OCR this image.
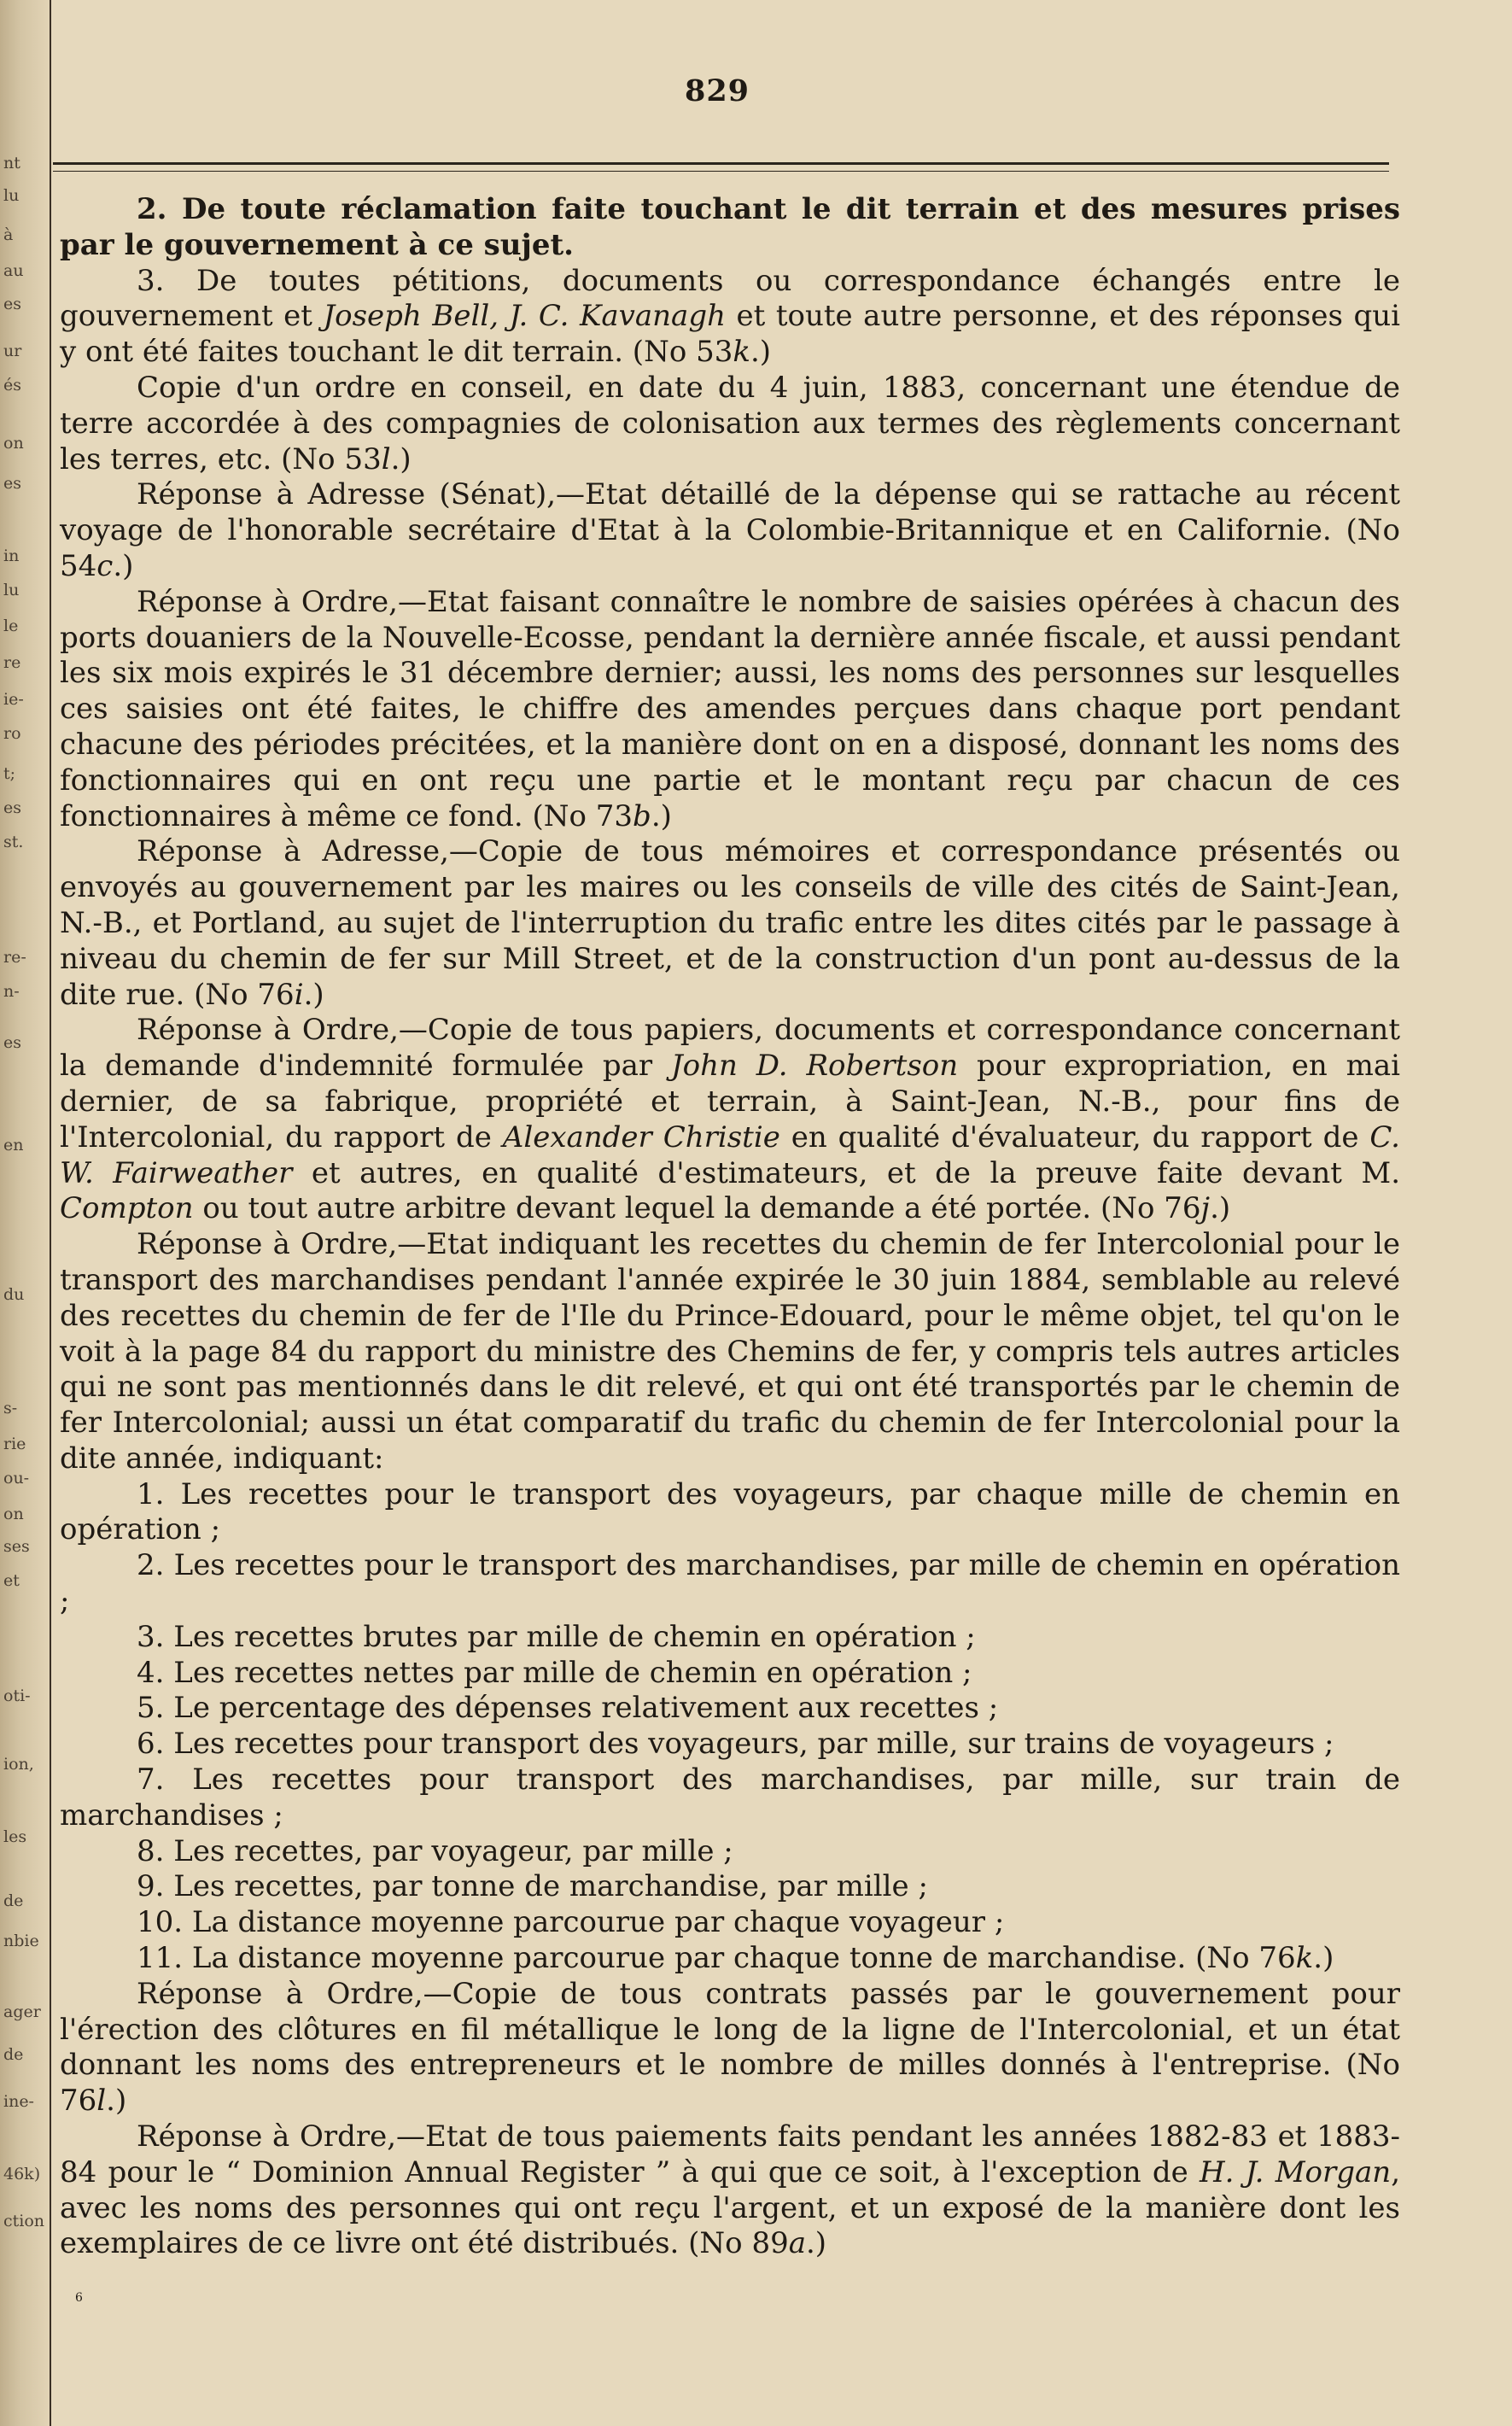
nt
lu
à
au
es
ur
és
on
es
in
lu
le
re
ie-
ro
t;
es
st.
re-
n-
es
en
du
s-
rie
ou-
on
ses
et
oti-
ion,
les
de
nbie
ager
de
ine-
46k)
ction
829

2. De toute réclamation faite touchant le dit terrain et des mesures prises par le gouvernement à ce sujet.

3. De toutes pétitions, documents ou correspondance échangés entre le gouvernement et Joseph Bell, J. C. Kavanagh et toute autre personne, et des réponses qui y ont été faites touchant le dit terrain. (No 53k.)

Copie d'un ordre en conseil, en date du 4 juin, 1883, concernant une étendue de terre accordée à des compagnies de colonisation aux termes des règlements concernant les terres, etc. (No 53l.)

Réponse à Adresse (Sénat),—Etat détaillé de la dépense qui se rattache au récent voyage de l'honorable secrétaire d'Etat à la Colombie-Britannique et en Californie. (No 54c.)

Réponse à Ordre,—Etat faisant connaître le nombre de saisies opérées à chacun des ports douaniers de la Nouvelle-Ecosse, pendant la dernière année fiscale, et aussi pendant les six mois expirés le 31 décembre dernier; aussi, les noms des personnes sur lesquelles ces saisies ont été faites, le chiffre des amendes perçues dans chaque port pendant chacune des périodes précitées, et la manière dont on en a disposé, donnant les noms des fonctionnaires qui en ont reçu une partie et le montant reçu par chacun de ces fonctionnaires à même ce fond. (No 73b.)

Réponse à Adresse,—Copie de tous mémoires et correspondance présentés ou envoyés au gouvernement par les maires ou les conseils de ville des cités de Saint-Jean, N.-B., et Portland, au sujet de l'interruption du trafic entre les dites cités par le passage à niveau du chemin de fer sur Mill Street, et de la construction d'un pont au-dessus de la dite rue. (No 76i.)

Réponse à Ordre,—Copie de tous papiers, documents et correspondance concernant la demande d'indemnité formulée par John D. Robertson pour expropriation, en mai dernier, de sa fabrique, propriété et terrain, à Saint-Jean, N.-B., pour fins de l'Intercolonial, du rapport de Alexander Christie en qualité d'évaluateur, du rapport de C. W. Fairweather et autres, en qualité d'estimateurs, et de la preuve faite devant M. Compton ou tout autre arbitre devant lequel la demande a été portée. (No 76j.)

Réponse à Ordre,—Etat indiquant les recettes du chemin de fer Intercolonial pour le transport des marchandises pendant l'année expirée le 30 juin 1884, semblable au relevé des recettes du chemin de fer de l'Ile du Prince-Edouard, pour le même objet, tel qu'on le voit à la page 84 du rapport du ministre des Chemins de fer, y compris tels autres articles qui ne sont pas mentionnés dans le dit relevé, et qui ont été transportés par le chemin de fer Intercolonial; aussi un état comparatif du trafic du chemin de fer Intercolonial pour la dite année, indiquant:

1. Les recettes pour le transport des voyageurs, par chaque mille de chemin en opération ;
2. Les recettes pour le transport des marchandises, par mille de chemin en opération ;
3. Les recettes brutes par mille de chemin en opération ;
4. Les recettes nettes par mille de chemin en opération ;
5. Le percentage des dépenses relativement aux recettes ;
6. Les recettes pour transport des voyageurs, par mille, sur trains de voyageurs ;
7. Les recettes pour transport des marchandises, par mille, sur train de marchandises ;
8. Les recettes, par voyageur, par mille ;
9. Les recettes, par tonne de marchandise, par mille ;
10. La distance moyenne parcourue par chaque voyageur ;
11. La distance moyenne parcourue par chaque tonne de marchandise. (No 76k.)

Réponse à Ordre,—Copie de tous contrats passés par le gouvernement pour l'érection des clôtures en fil métallique le long de la ligne de l'Intercolonial, et un état donnant les noms des entrepreneurs et le nombre de milles donnés à l'entreprise. (No 76l.)

Réponse à Ordre,—Etat de tous paiements faits pendant les années 1882-83 et 1883-84 pour le “ Dominion Annual Register ” à qui que ce soit, à l'exception de H. J. Morgan, avec les noms des personnes qui ont reçu l'argent, et un exposé de la manière dont les exemplaires de ce livre ont été distribués. (No 89a.)

6
